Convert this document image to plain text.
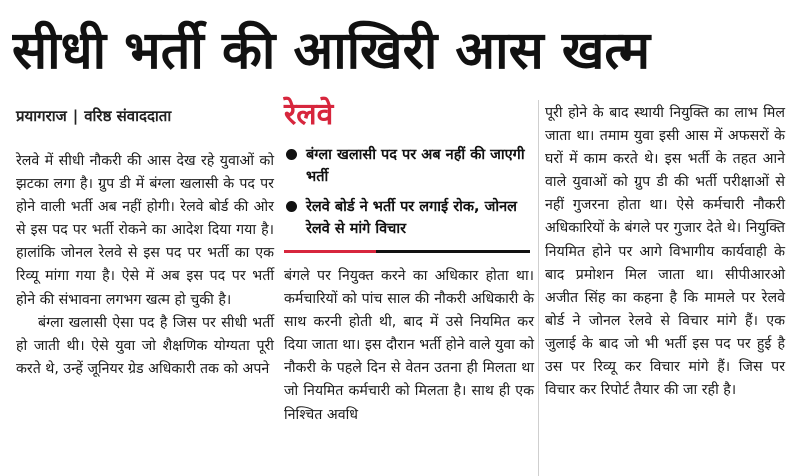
सीधी भर्ती की आखिरी आस खत्म
प्रयागराज | वरिष्ठ संवाददाता

रेलवे में सीधी नौकरी की आस देख रहे युवाओं को झटका लगा है। ग्रुप डी में बंग्ला खलासी के पद पर होने वाली भर्ती अब नहीं होगी। रेलवे बोर्ड की ओर से इस पद पर भर्ती रोकने का आदेश दिया गया है। हालांकि जोनल रेलवे से इस पद पर भर्ती का एक रिव्यू मांगा गया है। ऐसे में अब इस पद पर भर्ती होने की संभावना लगभग खत्म हो चुकी है।

बंग्ला खलासी ऐसा पद है जिस पर सीधी भर्ती हो जाती थी। ऐसे युवा जो शैक्षणिक योग्यता पूरी करते थे, उन्हें जूनियर ग्रेड अधिकारी तक को अपने

रेलवे
बंग्ला खलासी पद पर अब नहीं की जाएगी भर्ती
रेलवे बोर्ड ने भर्ती पर लगाई रोक, जोनल रेलवे से मांगे विचार

बंगले पर नियुक्त करने का अधिकार होता था। कर्मचारियों को पांच साल की नौकरी अधिकारी के साथ करनी होती थी, बाद में उसे नियमित कर दिया जाता था। इस दौरान भर्ती होने वाले युवा को नौकरी के पहले दिन से वेतन उतना ही मिलता था जो नियमित कर्मचारी को मिलता है। साथ ही एक निश्चित अवधि

पूरी होने के बाद स्थायी नियुक्ति का लाभ मिल जाता था। तमाम युवा इसी आस में अफसरों के घरों में काम करते थे। इस भर्ती के तहत आने वाले युवाओं को ग्रुप डी की भर्ती परीक्षाओं से नहीं गुजरना होता था। ऐसे कर्मचारी नौकरी अधिकारियों के बंगले पर गुजार देते थे। नियुक्ति नियमित होने पर आगे विभागीय कार्यवाही के बाद प्रमोशन मिल जाता था। सीपीआरओ अजीत सिंह का कहना है कि मामले पर रेलवे बोर्ड ने जोनल रेलवे से विचार मांगे हैं। एक जुलाई के बाद जो भी भर्ती इस पद पर हुई है उस पर रिव्यू कर विचार मांगे हैं। जिस पर विचार कर रिपोर्ट तैयार की जा रही है।
